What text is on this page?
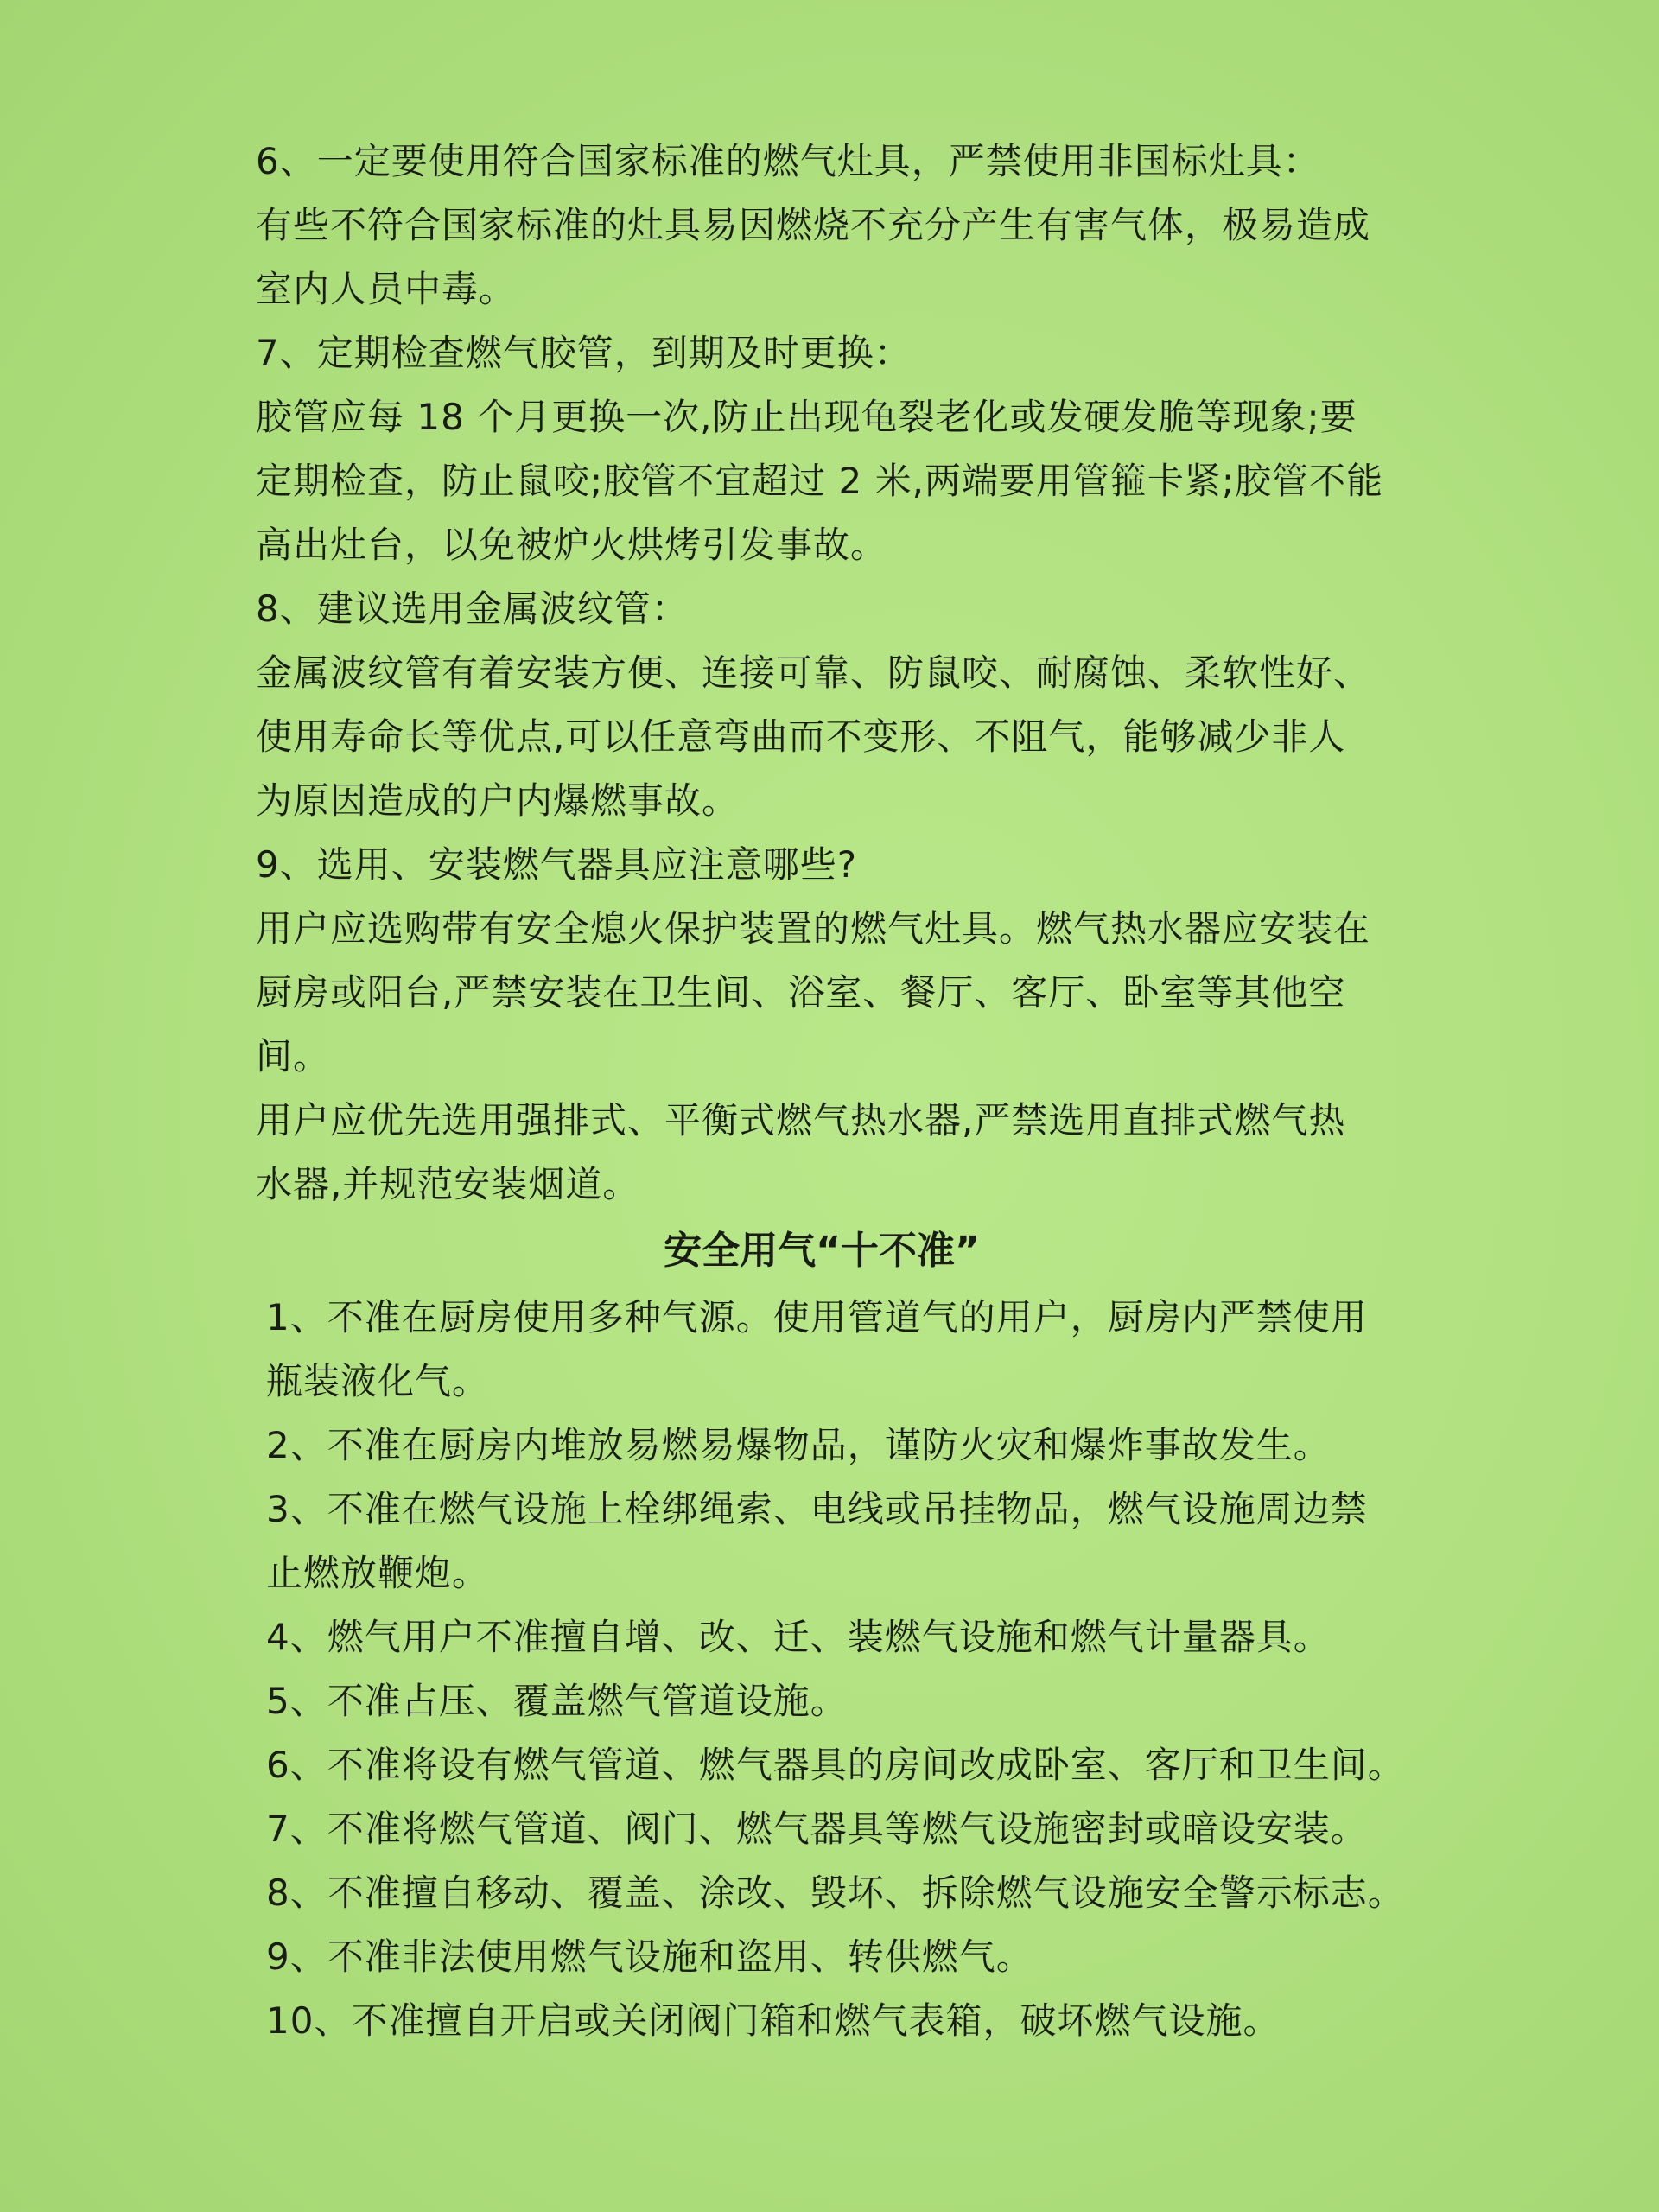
6、一定要使用符合国家标准的燃气灶具，严禁使用非国标灶具：

有些不符合国家标准的灶具易因燃烧不充分产生有害气体，极易造成
室内人员中毒。

7、定期检查燃气胶管，到期及时更换：

胶管应每 18 个月更换一次,防止出现龟裂老化或发硬发脆等现象;要
定期检查，防止鼠咬;胶管不宜超过 2 米,两端要用管箍卡紧;胶管不能
高出灶台，以免被炉火烘烤引发事故。

8、建议选用金属波纹管：

金属波纹管有着安装方便、连接可靠、防鼠咬、耐腐蚀、柔软性好、
使用寿命长等优点,可以任意弯曲而不变形、不阻气，能够减少非人
为原因造成的户内爆燃事故。

9、选用、安装燃气器具应注意哪些?

用户应选购带有安全熄火保护装置的燃气灶具。燃气热水器应安装在
厨房或阳台,严禁安装在卫生间、浴室、餐厅、客厅、卧室等其他空
间。

用户应优先选用强排式、平衡式燃气热水器,严禁选用直排式燃气热
水器,并规范安装烟道。

安全用气“十不准”

1、不准在厨房使用多种气源。使用管道气的用户，厨房内严禁使用
瓶装液化气。

2、不准在厨房内堆放易燃易爆物品，谨防火灾和爆炸事故发生。

3、不准在燃气设施上栓绑绳索、电线或吊挂物品，燃气设施周边禁
止燃放鞭炮。

4、燃气用户不准擅自增、改、迁、装燃气设施和燃气计量器具。

5、不准占压、覆盖燃气管道设施。

6、不准将设有燃气管道、燃气器具的房间改成卧室、客厅和卫生间。

7、不准将燃气管道、阀门、燃气器具等燃气设施密封或暗设安装。

8、不准擅自移动、覆盖、涂改、毁坏、拆除燃气设施安全警示标志。

9、不准非法使用燃气设施和盗用、转供燃气。

10、不准擅自开启或关闭阀门箱和燃气表箱，破坏燃气设施。
